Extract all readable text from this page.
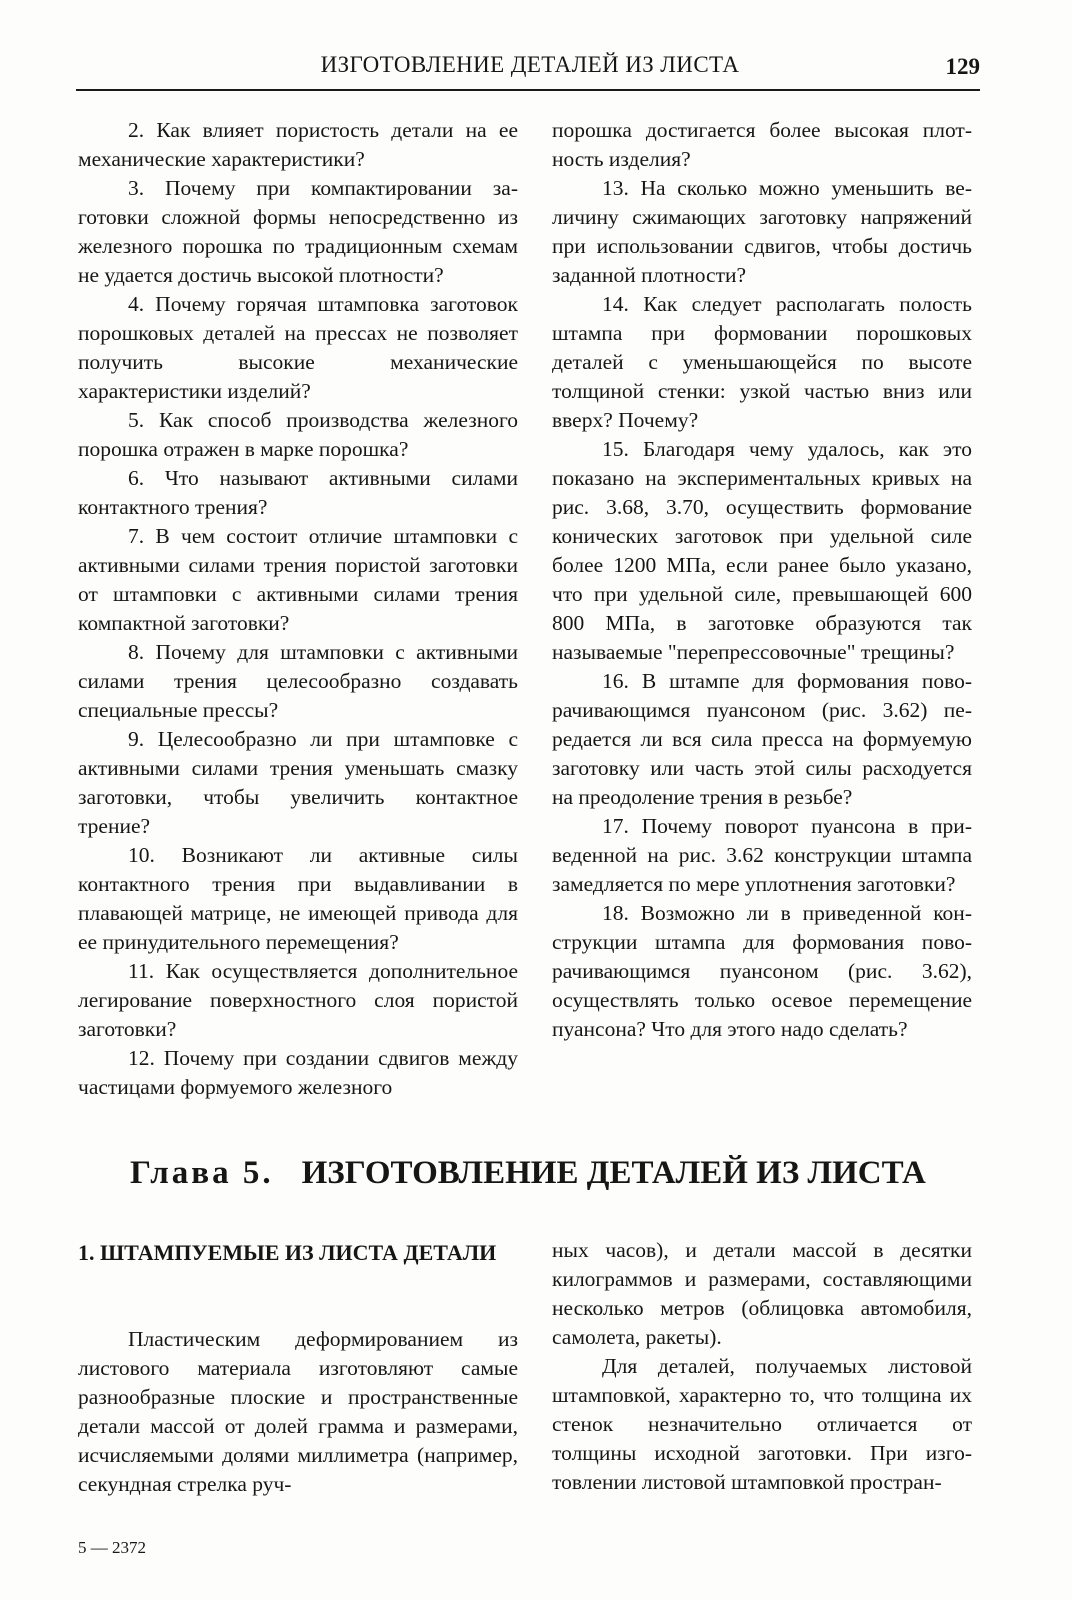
ИЗГОТОВЛЕНИЕ ДЕТАЛЕЙ ИЗ ЛИСТА	129

2. Как влияет пористость детали на ее механические характеристики?

3. Почему при компактировании заготовки сложной формы непосредственно из железного порошка по традиционным схемам не удается достичь высокой плотности?

4. Почему горячая штамповка заготовок порошковых деталей на прессах не позволяет получить высокие механические характеристики изделий?

5. Как способ производства железного порошка отражен в марке порошка?

6. Что называют активными силами контактного трения?

7. В чем состоит отличие штамповки с активными силами трения пористой заготовки от штамповки с активными силами трения компактной заготовки?

8. Почему для штамповки с активными силами трения целесообразно создавать специальные прессы?

9. Целесообразно ли при штамповке с активными силами трения уменьшать смазку заготовки, чтобы увеличить контактное трение?

10. Возникают ли активные силы контактного трения при выдавливании в плавающей матрице, не имеющей привода для ее принудительного перемещения?

11. Как осуществляется дополнительное легирование поверхностного слоя пористой заготовки?

12. Почему при создании сдвигов между частицами формуемого железного

порошка достигается более высокая плотность изделия?

13. На сколько можно уменьшить величину сжимающих заготовку напряжений при использовании сдвигов, чтобы достичь заданной плотности?

14. Как следует располагать полость штампа при формовании порошковых деталей с уменьшающейся по высоте толщиной стенки: узкой частью вниз или вверх? Почему?

15. Благодаря чему удалось, как это показано на экспериментальных кривых на рис. 3.68, 3.70, осуществить формование конических заготовок при удельной силе более 1200 МПа, если ранее было указано, что при удельной силе, превышающей 600 800 МПа, в заготовке образуются так называемые "перепрессовочные" трещины?

16. В штампе для формования поворачивающимся пуансоном (рис. 3.62) передается ли вся сила пресса на формуемую заготовку или часть этой силы расходуется на преодоление трения в резьбе?

17. Почему поворот пуансона в приведенной на рис. 3.62 конструкции штампа замедляется по мере уплотнения заготовки?

18. Возможно ли в приведенной конструкции штампа для формования поворачивающимся пуансоном (рис. 3.62), осуществлять только осевое перемещение пуансона? Что для этого надо сделать?

Глава 5. ИЗГОТОВЛЕНИЕ ДЕТАЛЕЙ ИЗ ЛИСТА
1. ШТАМПУЕМЫЕ ИЗ ЛИСТА ДЕТАЛИ

Пластическим деформированием из листового материала изготовляют самые разнообразные плоские и пространственные детали массой от долей грамма и размерами, исчисляемыми долями миллиметра (например, секундная стрелка руч-

ных часов), и детали массой в десятки килограммов и размерами, составляющими несколько метров (облицовка автомобиля, самолета, ракеты).

Для деталей, получаемых листовой штамповкой, характерно то, что толщина их стенок незначительно отличается от толщины исходной заготовки. При изготовлении листовой штамповкой простран-

5 — 2372
